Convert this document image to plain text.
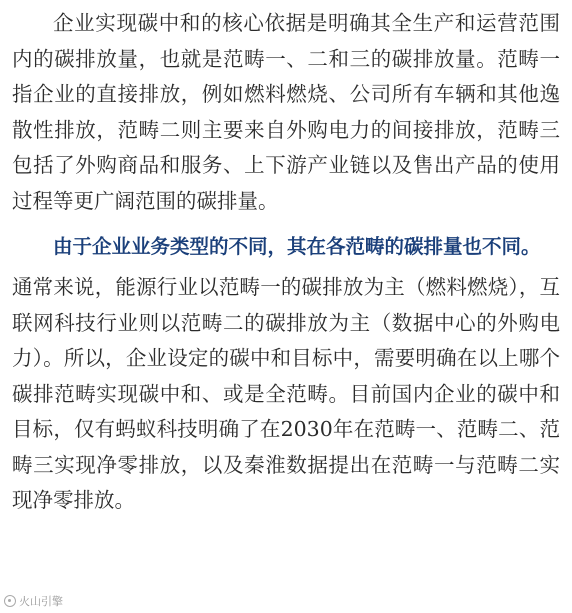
企业实现碳中和的核心依据是明确其全生产和运营范围内的碳排放量，也就是范畴一、二和三的碳排放量。范畴一指企业的直接排放，例如燃料燃烧、公司所有车辆和其他逸散性排放，范畴二则主要来自外购电力的间接排放，范畴三包括了外购商品和服务、上下游产业链以及售出产品的使用过程等更广阔范围的碳排量。

由于企业业务类型的不同，其在各范畴的碳排量也不同。

通常来说，能源行业以范畴一的碳排放为主（燃料燃烧），互联网科技行业则以范畴二的碳排放为主（数据中心的外购电力）。所以，企业设定的碳中和目标中，需要明确在以上哪个碳排范畴实现碳中和、或是全范畴。目前国内企业的碳中和目标，仅有蚂蚁科技明确了在2030年在范畴一、范畴二、范畴三实现净零排放，以及秦淮数据提出在范畴一与范畴二实现净零排放。

火山引擎
